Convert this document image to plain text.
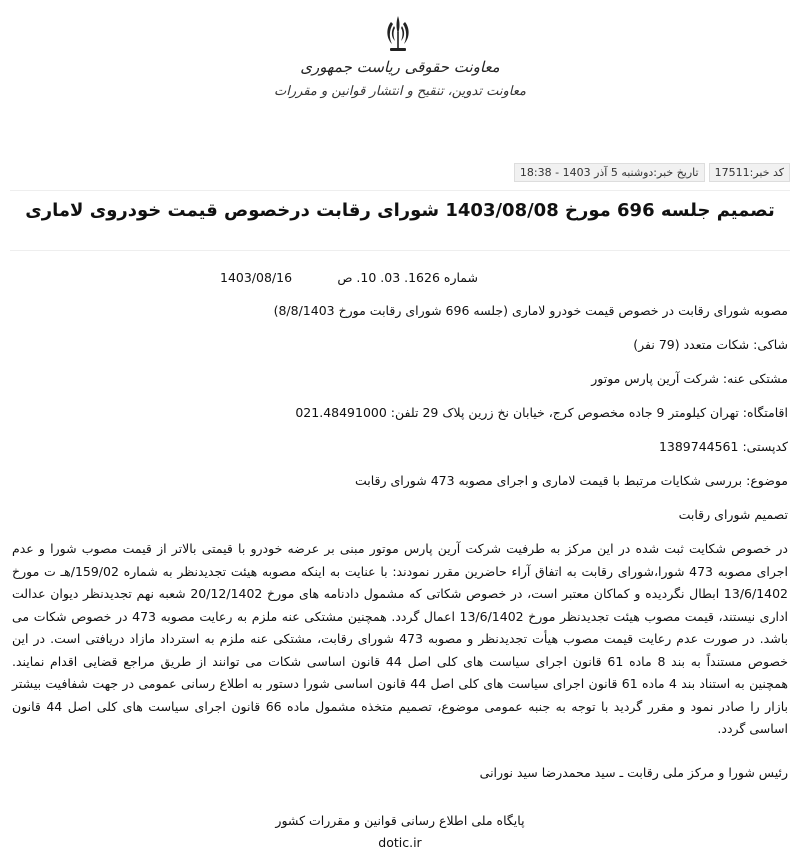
معاونت حقوقی ریاست جمهوری
معاونت تدوین، تنقیح و انتشار قوانین و مقررات
کد خبر:17511
تاریخ خبر:دوشنبه 5 آذر 1403 - 18:38
تصمیم جلسه 696 مورخ 1403/08/08 شورای رقابت درخصوص قیمت خودروی لاماری
شماره 1626. 03. 10. ص
1403/08/16

مصوبه شورای رقابت در خصوص قیمت خودرو لاماری (جلسه 696 شورای رقابت مورخ 8/8/1403)

شاکی: شکات متعدد (79 نفر)

مشتکی عنه: شرکت آرین پارس موتور

اقامتگاه: تهران کیلومتر 9 جاده مخصوص کرج، خیابان نخ زرین پلاک 29 تلفن: 021.48491000

کدپستی: 1389744561

موضوع: بررسی شکایات مرتبط با قیمت لاماری و اجرای مصوبه 473 شورای رقابت

تصمیم شورای رقابت

در خصوص شکایت ثبت شده در این مرکز به طرفیت شرکت آرین پارس موتور مبنی بر عرضه خودرو با قیمتی بالاتر از قیمت مصوب شورا و عدم اجرای مصوبه 473 شورا،شورای رقابت به اتفاق آراء حاضرین مقرر نمودند: با عنایت به اینکه مصوبه هیئت تجدیدنظر به شماره 159/02/هـ ت مورخ 13/6/1402 ابطال نگردیده و کماکان معتبر است، در خصوص شکاتی که مشمول دادنامه های مورخ 20/12/1402 شعبه نهم تجدیدنظر دیوان عدالت اداری نیستند، قیمت مصوب هیئت تجدیدنظر مورخ 13/6/1402 اعمال گردد. همچنین مشتکی عنه ملزم به رعایت مصوبه 473 در خصوص شکات می باشد. در صورت عدم رعایت قیمت مصوب هیأت تجدیدنظر و مصوبه 473 شورای رقابت، مشتکی عنه ملزم به استرداد مازاد دریافتی است. در این خصوص مستنداً به بند 8 ماده 61 قانون اجرای سیاست های کلی اصل 44 قانون اساسی شکات می توانند از طریق مراجع قضایی اقدام نمایند. همچنین به استناد بند 4 ماده 61 قانون اجرای سیاست های کلی اصل 44 قانون اساسی شورا دستور به اطلاع رسانی عمومی در جهت شفافیت بیشتر بازار را صادر نمود و مقرر گردید با توجه به جنبه عمومی موضوع، تصمیم متخذه مشمول ماده 66 قانون اجرای سیاست های کلی اصل 44 قانون اساسی گردد.

رئیس شورا و مرکز ملی رقابت ـ سید محمدرضا سید نورانی
پایگاه ملی اطلاع رسانی قوانین و مقررات کشور
dotic.ir
